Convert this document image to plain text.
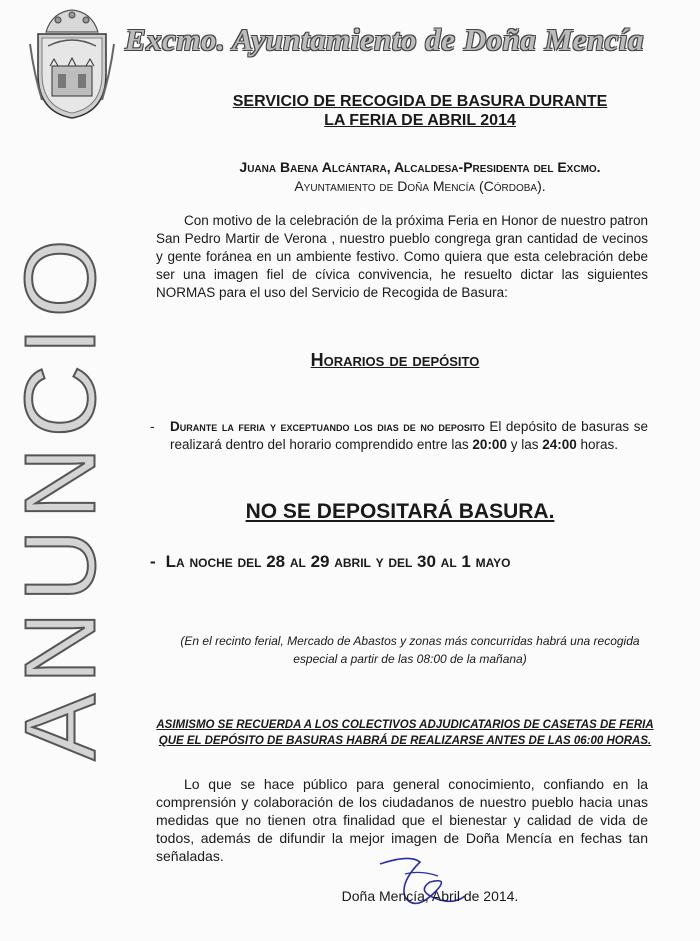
ANUNCIO
Excmo. Ayuntamiento de Doña Mencía
SERVICIO DE RECOGIDA DE BASURA DURANTE
LA FERIA DE ABRIL 2014
Juana Baena Alcántara, Alcaldesa-Presidenta del Excmo.
Ayuntamiento de Doña Mencía (Córdoba).
Con motivo de la celebración de la próxima Feria en Honor de nuestro patron San Pedro Martir de Verona , nuestro pueblo congrega gran cantidad de vecinos y gente foránea en un ambiente festivo. Como quiera que esta celebración debe ser una imagen fiel de cívica convivencia, he resuelto dictar las siguientes NORMAS para el uso del Servicio de Recogida de Basura:
Horarios de depósito
- Durante la feria y exceptuando los dias de no deposito El depósito de basuras se realizará dentro del horario comprendido entre las 20:00 y las 24:00 horas.
NO SE DEPOSITARÁ BASURA.
- La noche del 28 al 29 abril y del 30 al 1 mayo
(En el recinto ferial, Mercado de Abastos y zonas más concurridas habrá una recogida especial a partir de las 08:00 de la mañana)
ASIMISMO SE RECUERDA A LOS COLECTIVOS ADJUDICATARIOS DE CASETAS DE FERIA
QUE EL DEPÓSITO DE BASURAS HABRÁ DE REALIZARSE ANTES DE LAS 06:00 HORAS.
Lo que se hace público para general conocimiento, confiando en la comprensión y colaboración de los ciudadanos de nuestro pueblo hacia unas medidas que no tienen otra finalidad que el bienestar y calidad de vida de todos, además de difundir la mejor imagen de Doña Mencía en fechas tan señaladas.
Doña Mencía, Abril de 2014.
